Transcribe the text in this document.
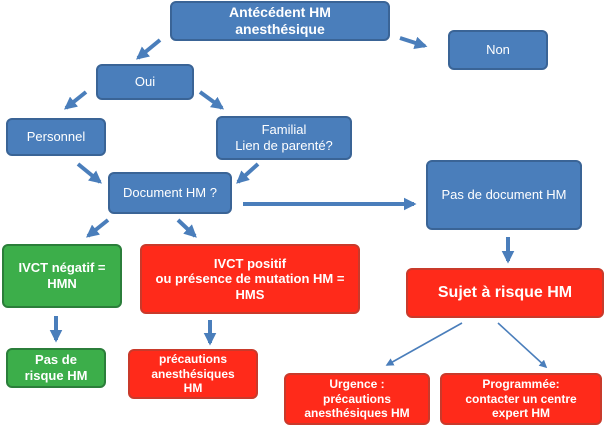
Antécédent HM
anesthésique
Non
Oui
Personnel	Familial
Lien de parenté?
Document HM ?	Pas de document HM
IVCT négatif =
HMN
IVCT positif
ou présence de mutation HM =
HMS	Sujet à risque HM
Pas de
risque HM
précautions
anesthésiques
HM	Urgence :
précautions
anesthésiques HM
Programmée:
contacter un centre
expert HM
